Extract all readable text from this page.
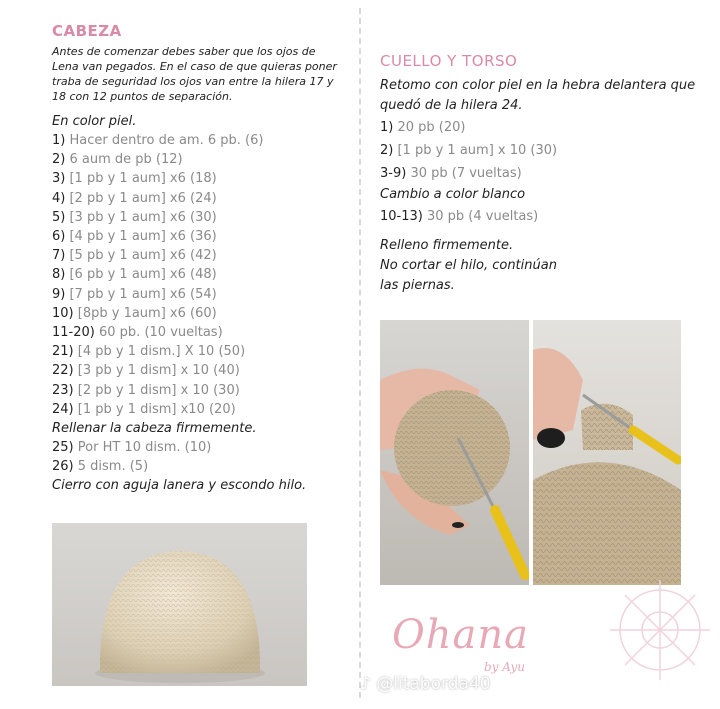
CABEZA
Antes de comenzar debes saber que los ojos de Lena van pegados. En el caso de que quieras poner traba de seguridad los ojos van entre la hilera 17 y 18 con 12 puntos de separación.
En color piel.
1) Hacer dentro de am. 6 pb. (6)
2) 6 aum de pb (12)
3) [1 pb y 1 aum] x6 (18)
4) [2 pb y 1 aum] x6 (24)
5) [3 pb y 1 aum] x6 (30)
6) [4 pb y 1 aum] x6 (36)
7) [5 pb y 1 aum] x6 (42)
8) [6 pb y 1 aum] x6 (48)
9) [7 pb y 1 aum] x6 (54)
10) [8pb y 1aum] x6 (60)
11-20) 60 pb. (10 vueltas)
21) [4 pb y 1 dism.] X 10 (50)
22) [3 pb y 1 dism] x 10 (40)
23) [2 pb y 1 dism] x 10 (30)
24) [1 pb y 1 dism] x10 (20)
Rellenar la cabeza firmemente.
25) Por HT 10 dism. (10)
26) 5 dism. (5)
Cierro con aguja lanera y escondo hilo.
CUELLO Y TORSO
Retomo con color piel en la hebra delantera que quedó de la hilera 24.
1) 20 pb (20)
2) [1 pb y 1 aum] x 10 (30)
3-9) 30 pb (7 vueltas)
Cambio a color blanco
10-13) 30 pb (4 vueltas)
Relleno firmemente.
No cortar el hilo, continúan
las piernas.
Ohana
by Ayu
♪ @litaborda40
